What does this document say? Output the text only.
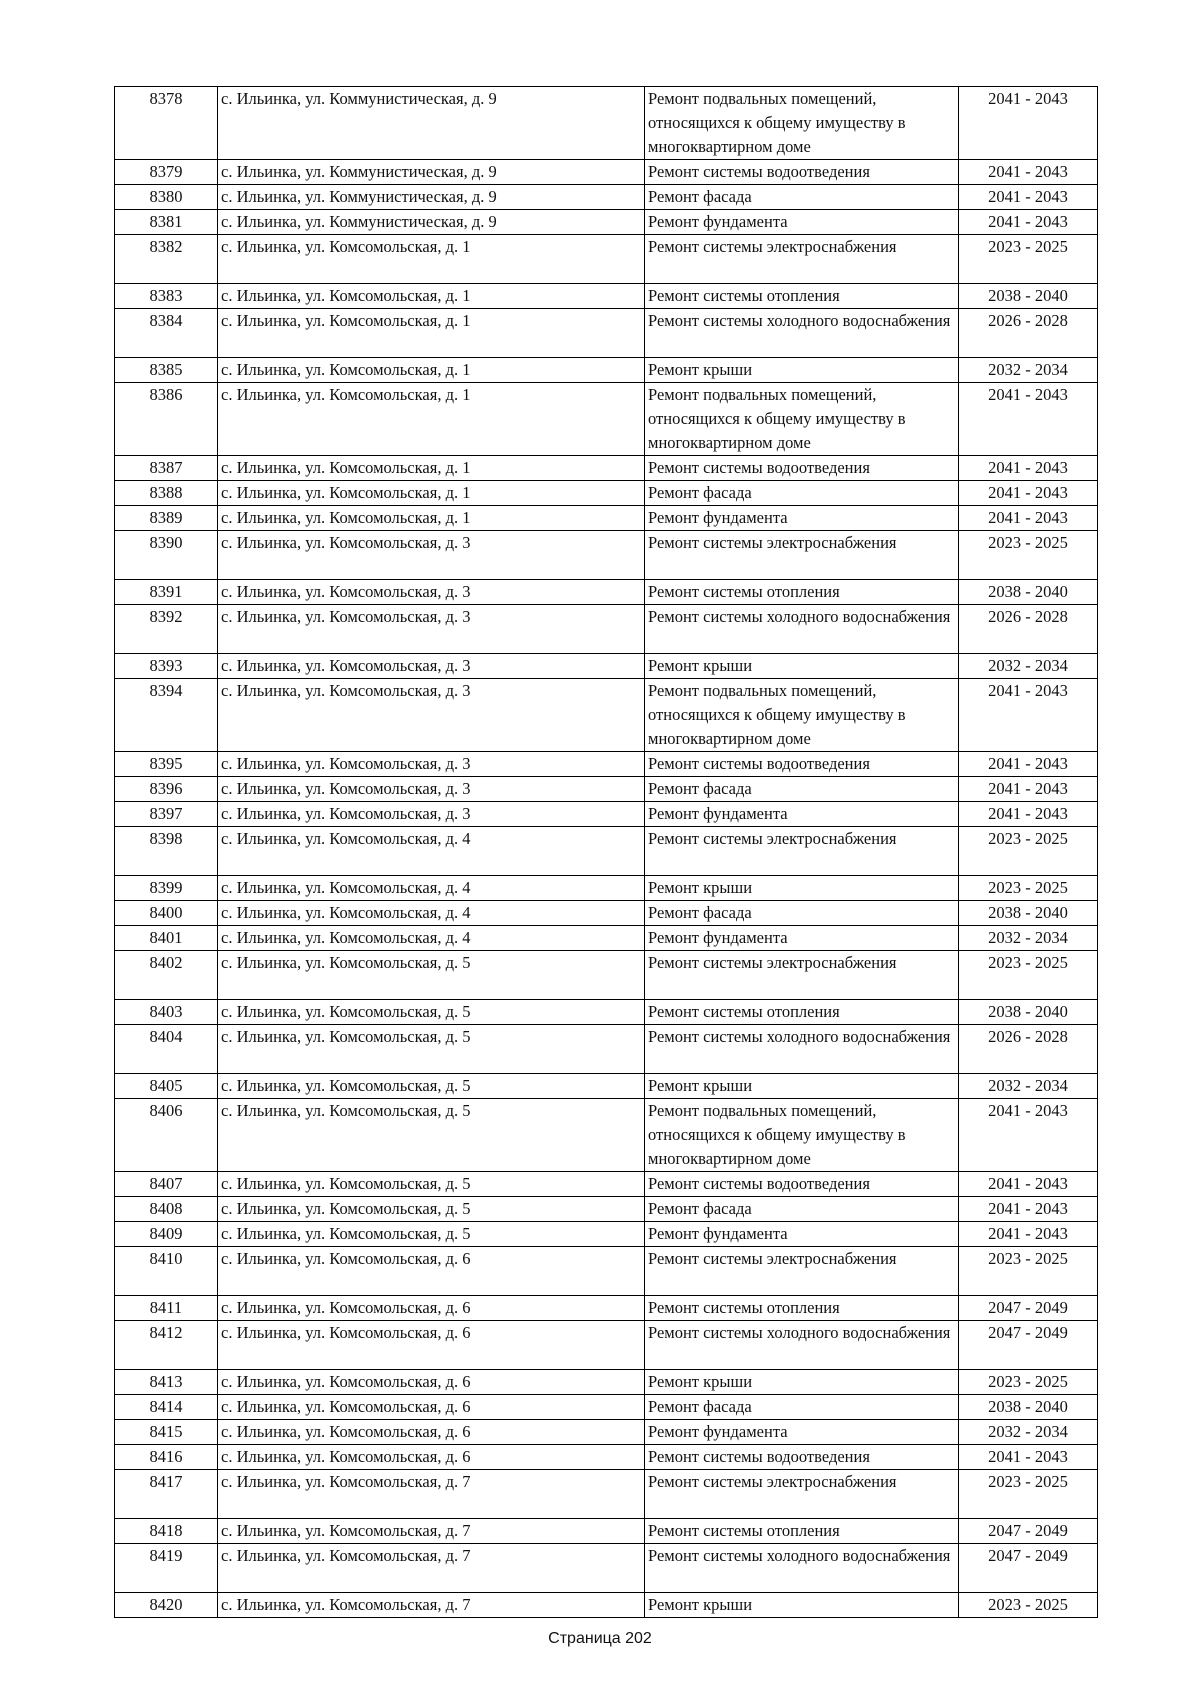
8378	с. Ильинка, ул. Коммунистическая, д. 9	Ремонт подвальных помещений, относящихся к общему имуществу в многоквартирном доме	2041 - 2043
8379	с. Ильинка, ул. Коммунистическая, д. 9	Ремонт системы водоотведения	2041 - 2043
8380	с. Ильинка, ул. Коммунистическая, д. 9	Ремонт фасада	2041 - 2043
8381	с. Ильинка, ул. Коммунистическая, д. 9	Ремонт фундамента	2041 - 2043
8382	с. Ильинка, ул. Комсомольская, д. 1	Ремонт системы электроснабжения	2023 - 2025
8383	с. Ильинка, ул. Комсомольская, д. 1	Ремонт системы отопления	2038 - 2040
8384	с. Ильинка, ул. Комсомольская, д. 1	Ремонт системы холодного водоснабжения	2026 - 2028
8385	с. Ильинка, ул. Комсомольская, д. 1	Ремонт крыши	2032 - 2034
8386	с. Ильинка, ул. Комсомольская, д. 1	Ремонт подвальных помещений, относящихся к общему имуществу в многоквартирном доме	2041 - 2043
8387	с. Ильинка, ул. Комсомольская, д. 1	Ремонт системы водоотведения	2041 - 2043
8388	с. Ильинка, ул. Комсомольская, д. 1	Ремонт фасада	2041 - 2043
8389	с. Ильинка, ул. Комсомольская, д. 1	Ремонт фундамента	2041 - 2043
8390	с. Ильинка, ул. Комсомольская, д. 3	Ремонт системы электроснабжения	2023 - 2025
8391	с. Ильинка, ул. Комсомольская, д. 3	Ремонт системы отопления	2038 - 2040
8392	с. Ильинка, ул. Комсомольская, д. 3	Ремонт системы холодного водоснабжения	2026 - 2028
8393	с. Ильинка, ул. Комсомольская, д. 3	Ремонт крыши	2032 - 2034
8394	с. Ильинка, ул. Комсомольская, д. 3	Ремонт подвальных помещений, относящихся к общему имуществу в многоквартирном доме	2041 - 2043
8395	с. Ильинка, ул. Комсомольская, д. 3	Ремонт системы водоотведения	2041 - 2043
8396	с. Ильинка, ул. Комсомольская, д. 3	Ремонт фасада	2041 - 2043
8397	с. Ильинка, ул. Комсомольская, д. 3	Ремонт фундамента	2041 - 2043
8398	с. Ильинка, ул. Комсомольская, д. 4	Ремонт системы электроснабжения	2023 - 2025
8399	с. Ильинка, ул. Комсомольская, д. 4	Ремонт крыши	2023 - 2025
8400	с. Ильинка, ул. Комсомольская, д. 4	Ремонт фасада	2038 - 2040
8401	с. Ильинка, ул. Комсомольская, д. 4	Ремонт фундамента	2032 - 2034
8402	с. Ильинка, ул. Комсомольская, д. 5	Ремонт системы электроснабжения	2023 - 2025
8403	с. Ильинка, ул. Комсомольская, д. 5	Ремонт системы отопления	2038 - 2040
8404	с. Ильинка, ул. Комсомольская, д. 5	Ремонт системы холодного водоснабжения	2026 - 2028
8405	с. Ильинка, ул. Комсомольская, д. 5	Ремонт крыши	2032 - 2034
8406	с. Ильинка, ул. Комсомольская, д. 5	Ремонт подвальных помещений, относящихся к общему имуществу в многоквартирном доме	2041 - 2043
8407	с. Ильинка, ул. Комсомольская, д. 5	Ремонт системы водоотведения	2041 - 2043
8408	с. Ильинка, ул. Комсомольская, д. 5	Ремонт фасада	2041 - 2043
8409	с. Ильинка, ул. Комсомольская, д. 5	Ремонт фундамента	2041 - 2043
8410	с. Ильинка, ул. Комсомольская, д. 6	Ремонт системы электроснабжения	2023 - 2025
8411	с. Ильинка, ул. Комсомольская, д. 6	Ремонт системы отопления	2047 - 2049
8412	с. Ильинка, ул. Комсомольская, д. 6	Ремонт системы холодного водоснабжения	2047 - 2049
8413	с. Ильинка, ул. Комсомольская, д. 6	Ремонт крыши	2023 - 2025
8414	с. Ильинка, ул. Комсомольская, д. 6	Ремонт фасада	2038 - 2040
8415	с. Ильинка, ул. Комсомольская, д. 6	Ремонт фундамента	2032 - 2034
8416	с. Ильинка, ул. Комсомольская, д. 6	Ремонт системы водоотведения	2041 - 2043
8417	с. Ильинка, ул. Комсомольская, д. 7	Ремонт системы электроснабжения	2023 - 2025
8418	с. Ильинка, ул. Комсомольская, д. 7	Ремонт системы отопления	2047 - 2049
8419	с. Ильинка, ул. Комсомольская, д. 7	Ремонт системы холодного водоснабжения	2047 - 2049
8420	с. Ильинка, ул. Комсомольская, д. 7	Ремонт крыши	2023 - 2025
Страница 202
